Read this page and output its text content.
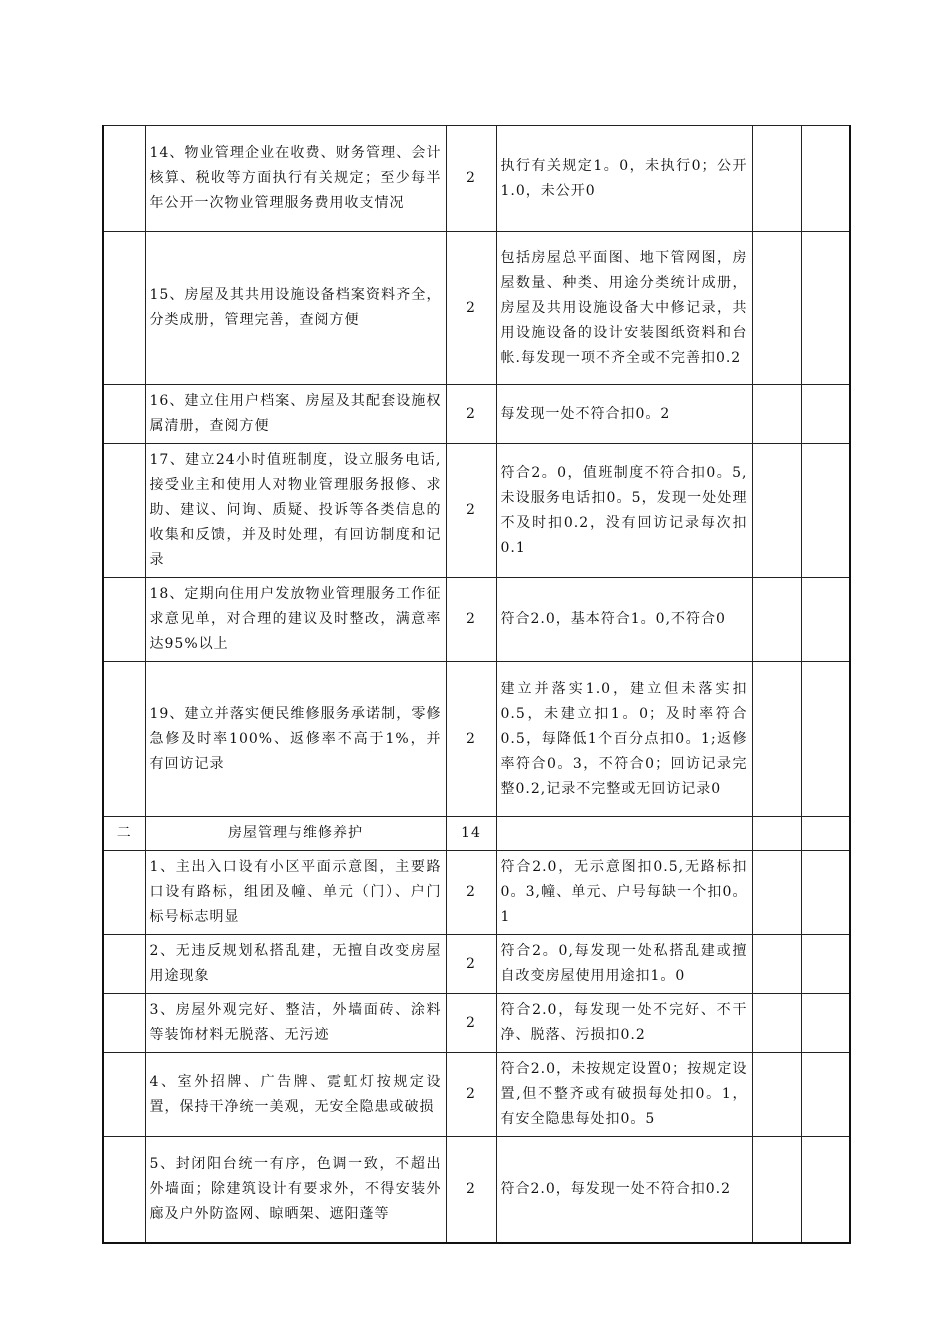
	14、物业管理企业在收费、财务管理、会计核算、税收等方面执行有关规定；至少每半年公开一次物业管理服务费用收支情况	2	执行有关规定1。0，未执行0；公开1.0，未公开0		
	15、房屋及其共用设施设备档案资料齐全，分类成册，管理完善，查阅方便	2	包括房屋总平面图、地下管网图，房屋数量、种类、用途分类统计成册，房屋及共用设施设备大中修记录，共用设施设备的设计安装图纸资料和台帐.每发现一项不齐全或不完善扣0.2		
	16、建立住用户档案、房屋及其配套设施权属清册，查阅方便	2	每发现一处不符合扣0。2		
	17、建立24小时值班制度，设立服务电话,接受业主和使用人对物业管理服务报修、求助、建议、问询、质疑、投诉等各类信息的收集和反馈，并及时处理，有回访制度和记录	2	符合2。0，值班制度不符合扣0。5,未设服务电话扣0。5，发现一处处理不及时扣0.2，没有回访记录每次扣0.1		
	18、定期向住用户发放物业管理服务工作征求意见单，对合理的建议及时整改，满意率达95%以上	2	符合2.0，基本符合1。0,不符合0		
	19、建立并落实便民维修服务承诺制，零修急修及时率100%、返修率不高于1%，并有回访记录	2	建立并落实1.0，建立但未落实扣0.5，未建立扣1。0；及时率符合0.5，每降低1个百分点扣0。1;返修率符合0。3，不符合0；回访记录完整0.2,记录不完整或无回访记录0		
二	房屋管理与维修养护	14			
	1、主出入口设有小区平面示意图，主要路口设有路标，组团及幢、单元（门）、户门标号标志明显	2	符合2.0，无示意图扣0.5,无路标扣0。3,幢、单元、户号每缺一个扣0。1		
	2、无违反规划私搭乱建，无擅自改变房屋用途现象	2	符合2。0,每发现一处私搭乱建或擅自改变房屋使用用途扣1。0		
	3、房屋外观完好、整洁，外墙面砖、涂料等装饰材料无脱落、无污迹	2	符合2.0，每发现一处不完好、不干净、脱落、污损扣0.2		
	4、室外招牌、广告牌、霓虹灯按规定设置，保持干净统一美观，无安全隐患或破损	2	符合2.0，未按规定设置0；按规定设置,但不整齐或有破损每处扣0。1， 有安全隐患每处扣0。5		
	5、封闭阳台统一有序，色调一致，不超出外墙面；除建筑设计有要求外，不得安装外廊及户外防盗网、晾晒架、遮阳蓬等	2	符合2.0，每发现一处不符合扣0.2		
